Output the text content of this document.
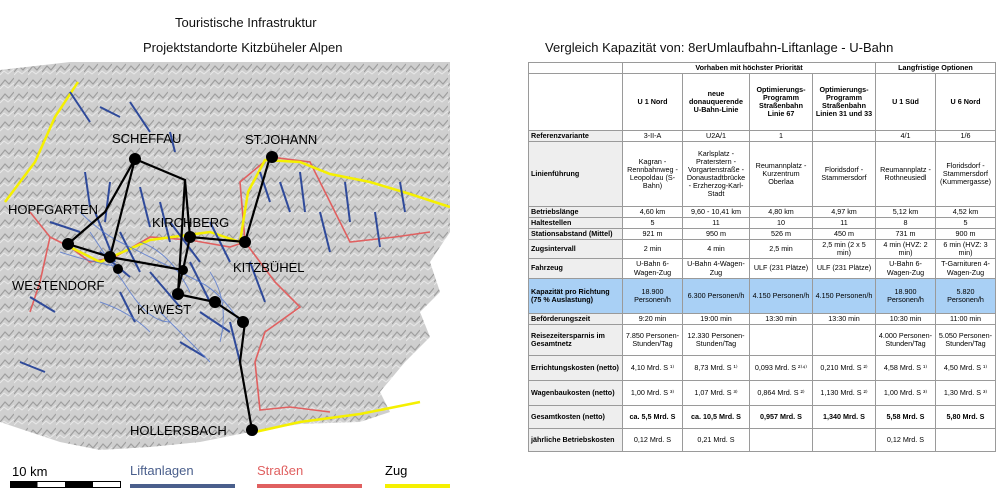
Touristische Infrastruktur
Projektstandorte Kitzbüheler Alpen	Vergleich Kapazität von: 8erUmlaufbahn-Liftanlage - U-Bahn
SCHEFFAU	ST.JOHANN
HOPFGARTEN
KIRCHBERG
KITZBÜHEL
WESTENDORF
KI-WEST
HOLLERSBACH
10 km	Liftanlagen	Straßen	Zug
	Vorhaben mit höchster Priorität				Langfristige Optionen	
	U 1 Nord	neue donauquerende U-Bahn-Linie	Optimierungs-Programm Straßenbahn Linie 67	Optimierungs-Programm Straßenbahn Linien 31 und 33	U 1 Süd	U 6 Nord
Referenzvariante	3-II-A	U2A/1	1		4/1	1/6
Linienführung	Kagran - Rennbahnweg - Leopoldau (S-Bahn)	Karlsplatz - Praterstern - Vorgartenstraße - Donaustadtbrücke - Erzherzog-Karl-Stadt	Reumannplatz - Kurzentrum Oberlaa	Floridsdorf - Stammersdorf	Reumannplatz - Rothneusiedl	Floridsdorf - Stammersdorf (Kummergasse)
Betriebslänge	4,60 km	9,60 - 10,41 km	4,80 km	4,97 km	5,12 km	4,52 km
Haltestellen	5	11	10	11	8	5
Stationsabstand (Mittel)	921 m	950 m	526 m	450 m	731 m	900 m
Zugsintervall	2 min	4 min	2,5 min	2,5 min (2 x 5 min)	4 min (HVZ: 2 min)	6 min (HVZ: 3 min)
Fahrzeug	U-Bahn 6-Wagen-Zug	U-Bahn 4-Wagen-Zug	ULF (231 Plätze)	ULF (231 Plätze)	U-Bahn 6-Wagen-Zug	T-Garnituren 4-Wagen-Zug
Kapazität pro Richtung (75 % Auslastung)	18.900 Personen/h	6.300 Personen/h	4.150 Personen/h	4.150 Personen/h	18.900 Personen/h	5.820 Personen/h
Beförderungszeit	9:20 min	19:00 min	13:30 min	13:30 min	10:30 min	11:00 min
Reisezeitersparnis im Gesamtnetz	7.850 Personen-Stunden/Tag	12.330 Personen-Stunden/Tag			4.000 Personen-Stunden/Tag	5.050 Personen-Stunden/Tag
Errichtungskosten (netto)	4,10 Mrd. S ¹⁾	8,73 Mrd. S ¹⁾	0,093 Mrd. S ²⁾⁴⁾	0,210 Mrd. S ²⁾	4,58 Mrd. S ¹⁾	4,50 Mrd. S ¹⁾
Wagenbaukosten (netto)	1,00 Mrd. S ³⁾	1,07 Mrd. S ³⁾	0,864 Mrd. S ²⁾	1,130 Mrd. S ²⁾	1,00 Mrd. S ³⁾	1,30 Mrd. S ³⁾
Gesamtkosten (netto)	ca. 5,5 Mrd. S	ca. 10,5 Mrd. S	0,957 Mrd. S	1,340 Mrd. S	5,58 Mrd. S	5,80 Mrd. S
jährliche Betriebskosten	0,12 Mrd. S	0,21 Mrd. S			0,12 Mrd. S	
